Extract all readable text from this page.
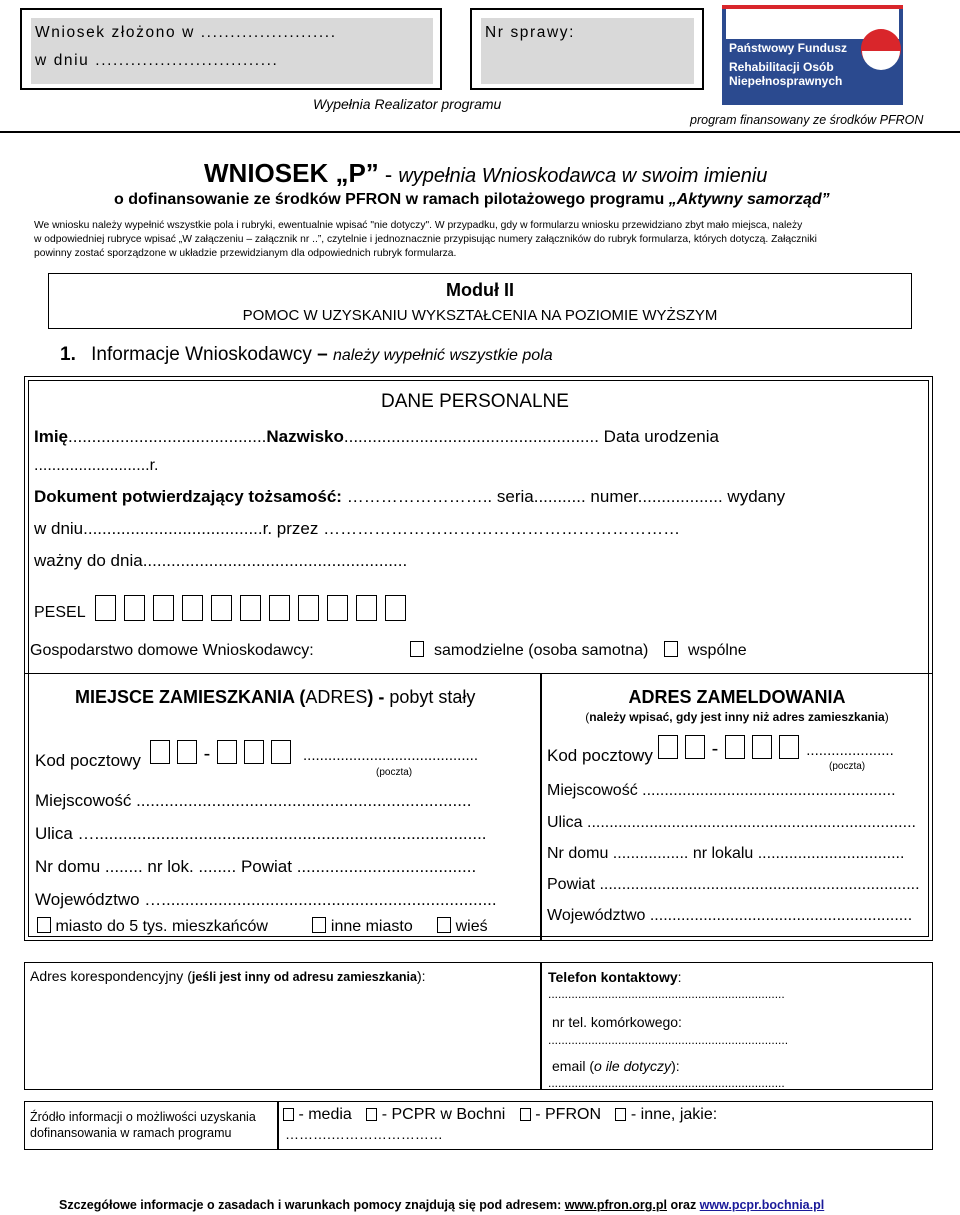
Wniosek złożono w .......................
w dniu ...............................
Nr sprawy:
Wypełnia Realizator programu
Państwowy Fundusz
Rehabilitacji Osób
Niepełnosprawnych
program finansowany ze środków PFRON
WNIOSEK „P” - wypełnia Wnioskodawca w swoim imieniu
o dofinansowanie ze środków PFRON w ramach pilotażowego programu „Aktywny samorząd”
We wniosku należy wypełnić wszystkie pola i rubryki, ewentualnie wpisać "nie dotyczy". W przypadku, gdy w formularzu wniosku przewidziano zbyt mało miejsca, należy
w odpowiedniej rubryce wpisać „W załączeniu – załącznik nr ..”, czytelnie i jednoznacznie przypisując numery załączników do rubryk formularza, których dotyczą. Załączniki
powinny zostać sporządzone w układzie przewidzianym dla odpowiednich rubryk formularza.
Moduł II
POMOC W UZYSKANIU WYKSZTAŁCENIA NA POZIOMIE WYŻSZYM
1. Informacje Wnioskodawcy – należy wypełnić wszystkie pola
DANE PERSONALNE
Imię..........................................Nazwisko...................................................... Data urodzenia
..........................r.
Dokument potwierdzający tożsamość: …………………….. seria........... numer.................. wydany
w dniu......................................r. przez ………………………………………………………
ważny do dnia........................................................
PESEL
Gospodarstwo domowe Wnioskodawcy:	samodzielne (osoba samotna)	wspólne
MIEJSCE ZAMIESZKANIA (ADRES) - pobyt stały
Kod pocztowy	-	..........................................
(poczta)
Miejscowość .......................................................................
Ulica …...................................................................................
Nr domu ........ nr lok. ........ Powiat ......................................
Województwo ….......................................................................
miasto do 5 tys. mieszkańców	inne miasto	wieś
ADRES ZAMELDOWANIA
(należy wpisać, gdy jest inny niż adres zamieszkania)
Kod pocztowy	-	.....................
(poczta)
Miejscowość .........................................................
Ulica ..........................................................................
Nr domu ................. nr lokalu .................................
Powiat ........................................................................
Województwo ...........................................................
Adres korespondencyjny (jeśli jest inny od adresu zamieszkania):	Telefon kontaktowy:
.......................................................................
nr tel. komórkowego:
........................................................................
email (o ile dotyczy):
.......................................................................
Źródło informacji o możliwości uzyskania
dofinansowania w ramach programu
- media - PCPR w Bochni - PFRON - inne, jakie:
……….……………………
Szczegółowe informacje o zasadach i warunkach pomocy znajdują się pod adresem: www.pfron.org.pl oraz www.pcpr.bochnia.pl
